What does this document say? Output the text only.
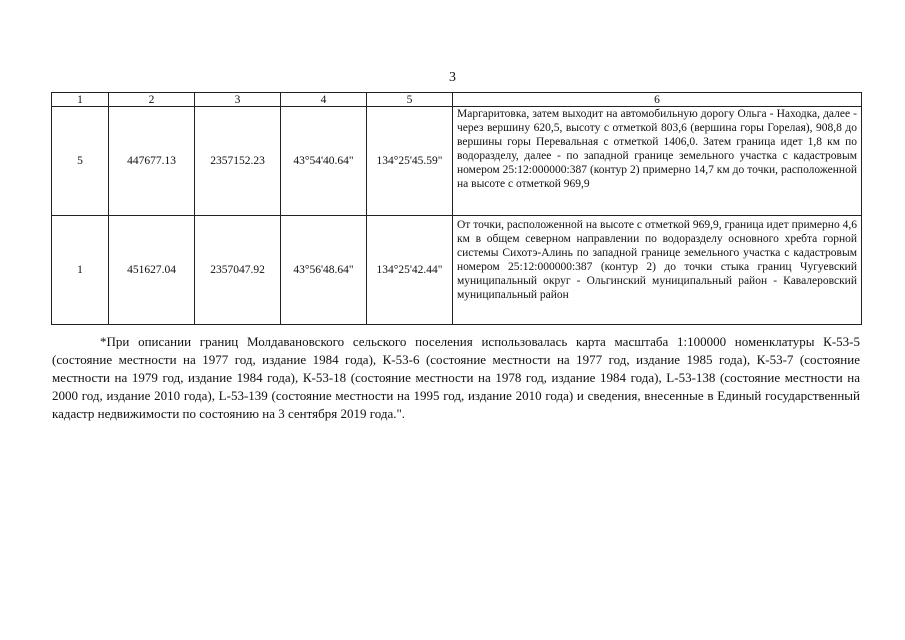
3
1	2	3	4	5	6
5	447677.13	2357152.23	43°54'40.64"	134°25'45.59"	Маргаритовка, затем выходит на автомобильную дорогу Ольга - Находка, далее - через вершину 620,5, высоту с отметкой 803,6 (вершина горы Горелая), 908,8 до вершины горы Перевальная с отметкой 1406,0. Затем граница идет 1,8 км по водоразделу, далее - по западной границе земельного участка с кадастровым номером 25:12:000000:387 (контур 2) примерно 14,7 км до точки, расположенной на высоте с отметкой 969,9
1	451627.04	2357047.92	43°56'48.64"	134°25'42.44"	От точки, расположенной на высоте с отметкой 969,9, граница идет примерно 4,6 км в общем северном направлении по водоразделу основного хребта горной системы Сихотэ-Алинь по западной границе земельного участка с кадастровым номером 25:12:000000:387 (контур 2) до точки стыка границ Чугуевский муниципальный округ - Ольгинский муниципальный район - Кавалеровский муниципальный район

*При описании границ Молдавановского сельского поселения использовалась карта масштаба 1:100000 номенклатуры К-53-5 (состояние местности на 1977 год, издание 1984 года), К-53-6 (состояние местности на 1977 год, издание 1985 года), К-53-7 (состояние местности на 1979 год, издание 1984 года), К-53-18 (состояние местности на 1978 год, издание 1984 года), L-53-138 (состояние местности на 2000 год, издание 2010 года), L-53-139 (состояние местности на 1995 год, издание 2010 года) и сведения, внесенные в Единый государственный кадастр недвижимости по состоянию на 3 сентября 2019 года.".
